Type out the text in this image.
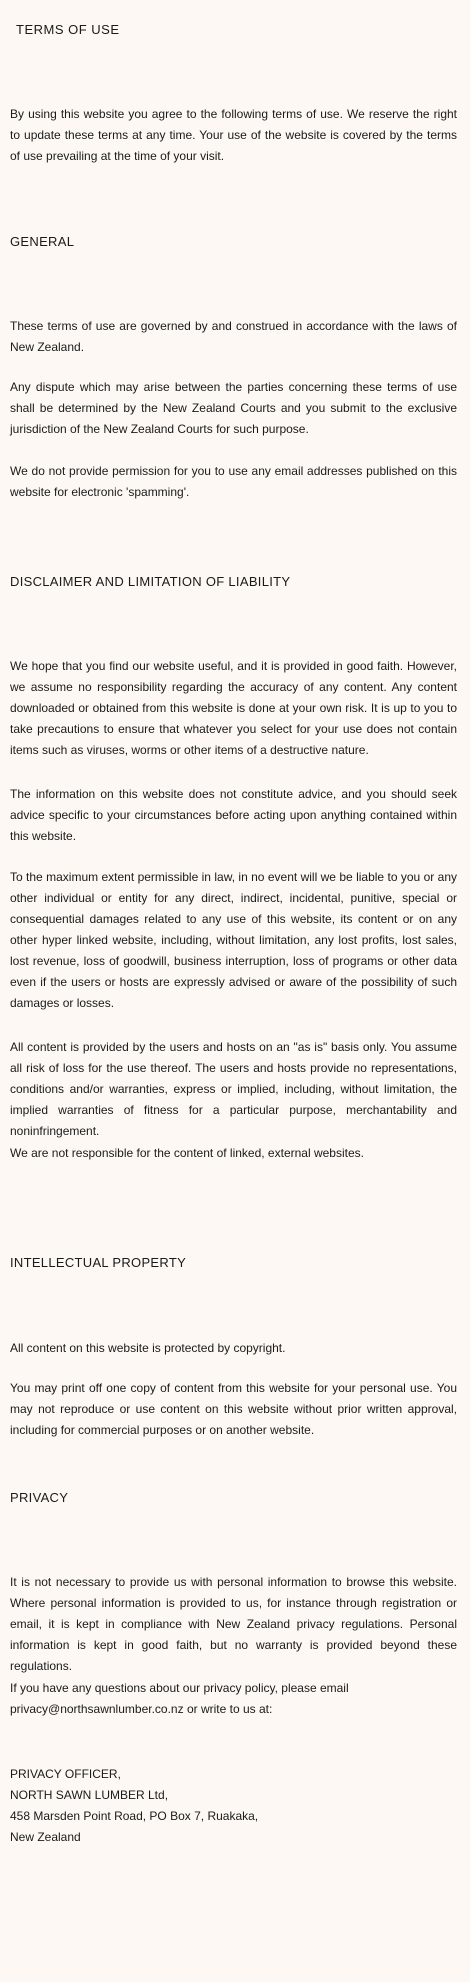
TERMS OF USE

By using this website you agree to the following terms of use. We reserve the right to update these terms at any time. Your use of the website is covered by the terms of use prevailing at the time of your visit.

GENERAL

These terms of use are governed by and construed in accordance with the laws of New Zealand.

Any dispute which may arise between the parties concerning these terms of use shall be determined by the New Zealand Courts and you submit to the exclusive jurisdiction of the New Zealand Courts for such purpose.

We do not provide permission for you to use any email addresses published on this website for electronic 'spamming'.

DISCLAIMER AND LIMITATION OF LIABILITY

We hope that you find our website useful, and it is provided in good faith. However, we assume no responsibility regarding the accuracy of any content. Any content downloaded or obtained from this website is done at your own risk. It is up to you to take precautions to ensure that whatever you select for your use does not contain items such as viruses, worms or other items of a destructive nature.

The information on this website does not constitute advice, and you should seek advice specific to your circumstances before acting upon anything contained within this website.

To the maximum extent permissible in law, in no event will we be liable to you or any other individual or entity for any direct, indirect, incidental, punitive, special or consequential damages related to any use of this website, its content or on any other hyper linked website, including, without limitation, any lost profits, lost sales, lost revenue, loss of goodwill, business interruption, loss of programs or other data even if the users or hosts are expressly advised or aware of the possibility of such damages or losses.

All content is provided by the users and hosts on an "as is" basis only. You assume all risk of loss for the use thereof. The users and hosts provide no representations, conditions and/or warranties, express or implied, including, without limitation, the implied warranties of fitness for a particular purpose, merchantability and noninfringement.

We are not responsible for the content of linked, external websites.

INTELLECTUAL PROPERTY

All content on this website is protected by copyright.

You may print off one copy of content from this website for your personal use. You may not reproduce or use content on this website without prior written approval, including for commercial purposes or on another website.

PRIVACY

It is not necessary to provide us with personal information to browse this website. Where personal information is provided to us, for instance through registration or email, it is kept in compliance with New Zealand privacy regulations. Personal information is kept in good faith, but no warranty is provided beyond these regulations.

If you have any questions about our privacy policy, please email
privacy@northsawnlumber.co.nz or write to us at:

PRIVACY OFFICER,
NORTH SAWN LUMBER Ltd,
458 Marsden Point Road, PO Box 7, Ruakaka,
New Zealand
